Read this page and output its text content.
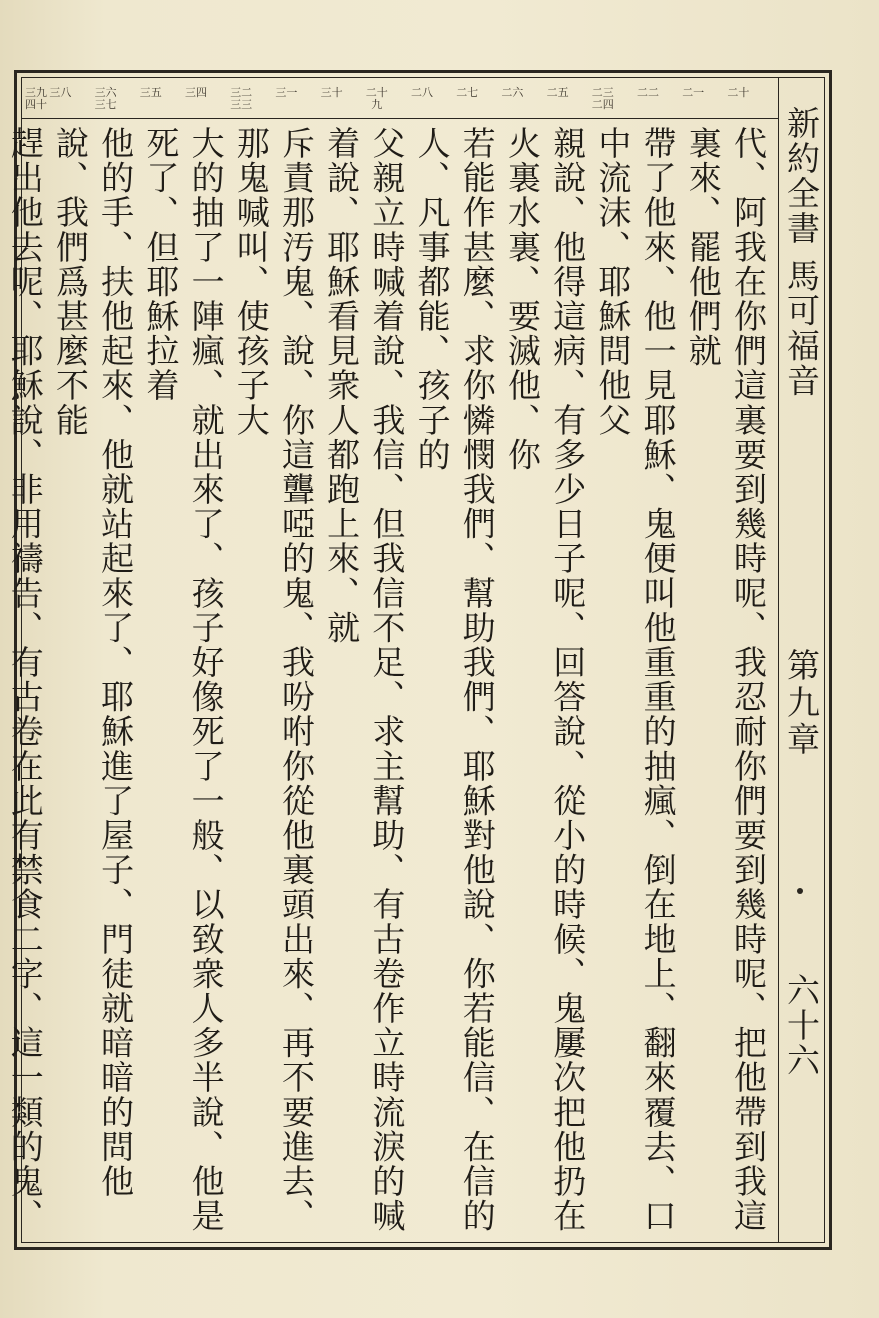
新約全書 馬可福音
第九章
六十六
二十
二一
二二
二三
二四
二五
二六
二七
二八
二十
九
三十
三一
三二
三三
三四
三五
三六
三七
三八
三九
四十
代、阿我在你們這裏要到幾時呢、我忍耐你們要到幾時呢、把他帶到我這裏來、罷他們就
帶了他來、他一見耶穌、鬼便叫他重重的抽瘋、倒在地上、翻來覆去、口中流沫、耶穌問他父
親說、他得這病、有多少日子呢、回答說、從小的時候、鬼屢次把他扔在火裏水裏、要滅他、你
若能作甚麼、求你憐憫我們、幫助我們、耶穌對他說、你若能信、在信的人、凡事都能、孩子的
父親立時喊着說、我信、但我信不足、求主幫助、有古卷作立時流淚的喊着說、耶穌看見衆人都跑上來、就
斥責那汚鬼、說、你這聾啞的鬼、我吩咐你從他裏頭出來、再不要進去、那鬼喊叫、使孩子大
大的抽了一陣瘋、就出來了、孩子好像死了一般、以致衆人多半說、他是死了、但耶穌拉着
他的手、扶他起來、他就站起來了、耶穌進了屋子、門徒就暗暗的問他說、我們爲甚麼不能
趕出他去呢、耶穌說、非用禱告、有古卷在此有禁食二字、這一類的鬼、
